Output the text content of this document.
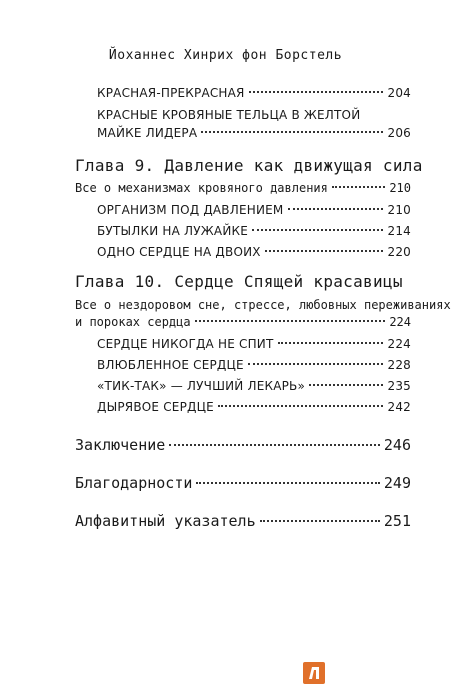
Йоханнес Хинрих фон Борстель
КРАСНАЯ-ПРЕКРАСНАЯ	204
КРАСНЫЕ КРОВЯНЫЕ ТЕЛЬЦА В ЖЕЛТОЙ
МАЙКЕ ЛИДЕРА	206
Глава 9. Давление как движущая сила
Все о механизмах кровяного давления	210
ОРГАНИЗМ ПОД ДАВЛЕНИЕМ	210
БУТЫЛКИ НА ЛУЖАЙКЕ	214
ОДНО СЕРДЦЕ НА ДВОИХ	220
Глава 10. Сердце Спящей красавицы
Все о нездоровом сне, стрессе, любовных переживаниях
и пороках сердца	224
СЕРДЦЕ НИКОГДА НЕ СПИТ	224
ВЛЮБЛЕННОЕ СЕРДЦЕ	228
«ТИК-ТАК» — ЛУЧШИЙ ЛЕКАРЬ»	235
ДЫРЯВОЕ СЕРДЦЕ	242
Заключение	246
Благодарности	249
Алфавитный указатель	251
